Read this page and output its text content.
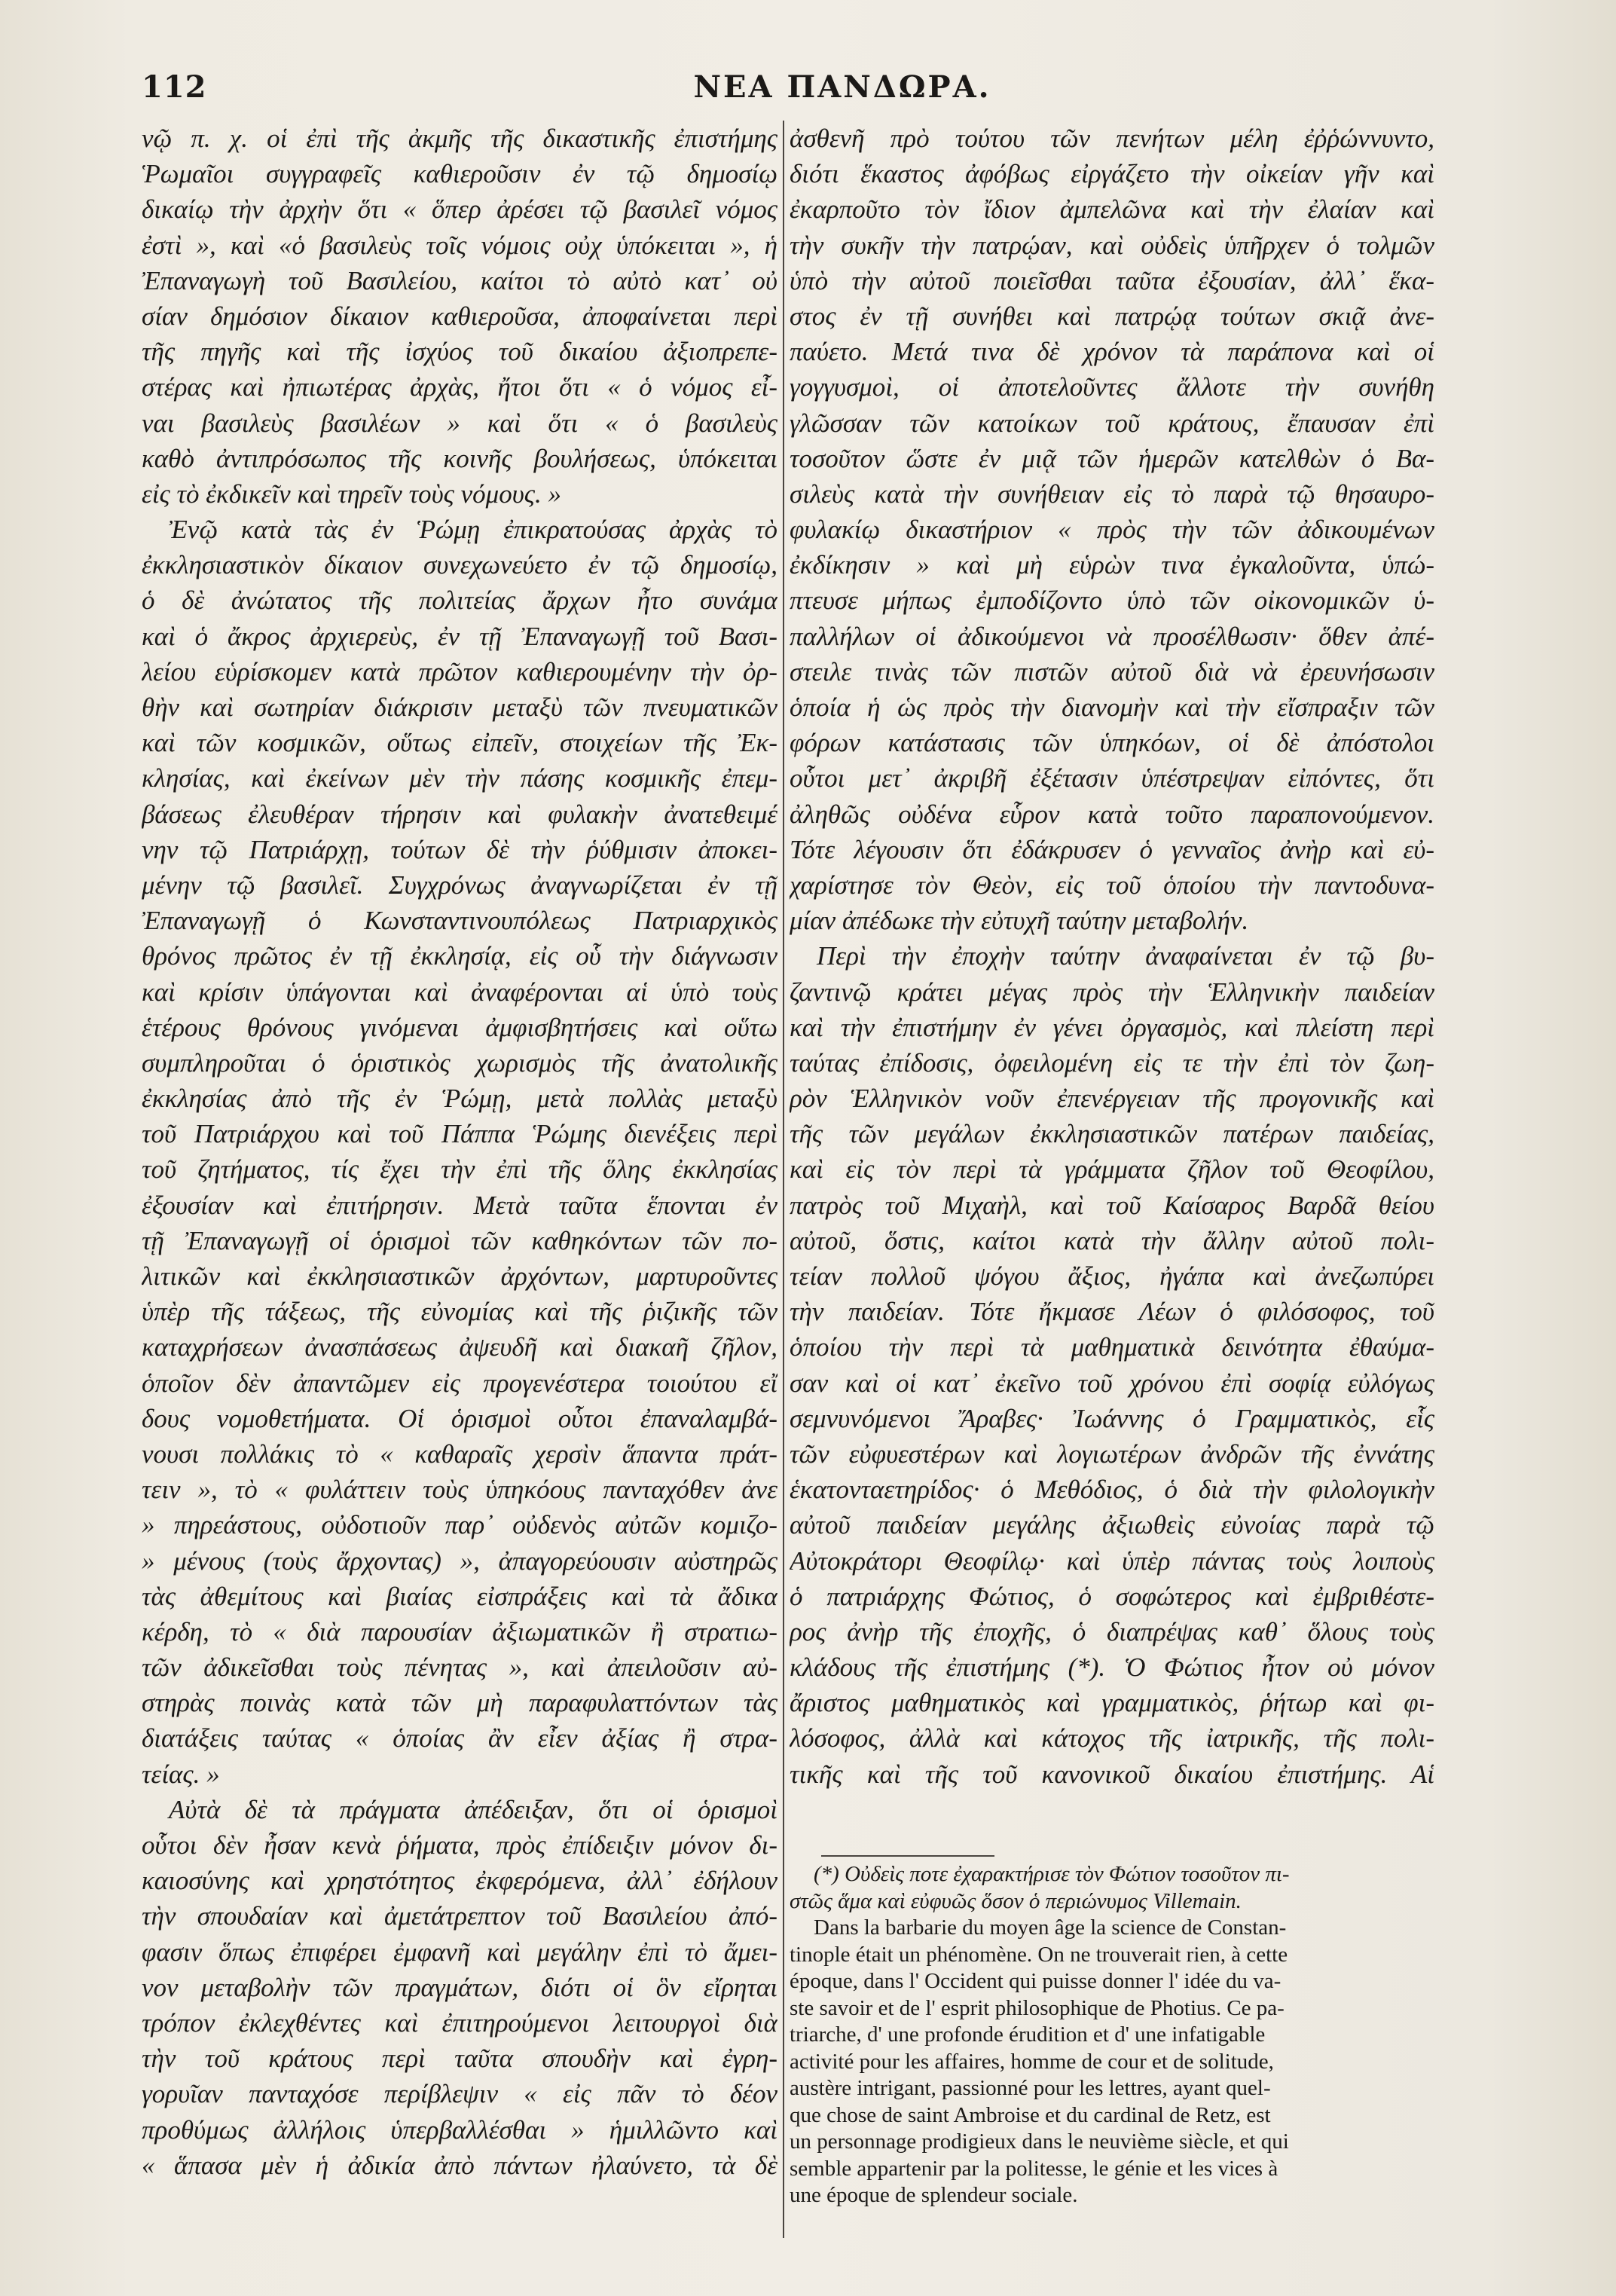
112	ΝΕΑ ΠΑΝΔΩΡΑ.
νῷ π. χ. οἱ ἐπὶ τῆς ἀκμῆς τῆς δικαστικῆς ἐπιστήμης
Ῥωμαῖοι συγγραφεῖς καθιεροῦσιν ἐν τῷ δημοσίῳ
δικαίῳ τὴν ἀρχὴν ὅτι « ὅπερ ἀρέσει τῷ βασιλεῖ νόμος
ἐστὶ », καὶ «ὁ βασιλεὺς τοῖς νόμοις οὐχ ὑπόκειται », ἡ
Ἐπαναγωγὴ τοῦ Βασιλείου, καίτοι τὸ αὐτὸ κατ᾽ οὐ
σίαν δημόσιον δίκαιον καθιεροῦσα, ἀποφαίνεται περὶ
τῆς πηγῆς καὶ τῆς ἰσχύος τοῦ δικαίου ἀξιοπρεπε-
στέρας καὶ ἠπιωτέρας ἀρχὰς, ἤτοι ὅτι « ὁ νόμος εἶ-
ναι βασιλεὺς βασιλέων » καὶ ὅτι « ὁ βασιλεὺς
καθὸ ἀντιπρόσωπος τῆς κοινῆς βουλήσεως, ὑπόκειται
εἰς τὸ ἐκδικεῖν καὶ τηρεῖν τοὺς νόμους. »
Ἐνῷ κατὰ τὰς ἐν Ῥώμῃ ἐπικρατούσας ἀρχὰς τὸ
ἐκκλησιαστικὸν δίκαιον συνεχωνεύετο ἐν τῷ δημοσίῳ,
ὁ δὲ ἀνώτατος τῆς πολιτείας ἄρχων ἦτο συνάμα
καὶ ὁ ἄκρος ἀρχιερεὺς, ἐν τῇ Ἐπαναγωγῇ τοῦ Βασι-
λείου εὑρίσκομεν κατὰ πρῶτον καθιερουμένην τὴν ὀρ-
θὴν καὶ σωτηρίαν διάκρισιν μεταξὺ τῶν πνευματικῶν
καὶ τῶν κοσμικῶν, οὕτως εἰπεῖν, στοιχείων τῆς Ἐκ-
κλησίας, καὶ ἐκείνων μὲν τὴν πάσης κοσμικῆς ἐπεμ-
βάσεως ἐλευθέραν τήρησιν καὶ φυλακὴν ἀνατεθειμέ
νην τῷ Πατριάρχῃ, τούτων δὲ τὴν ῥύθμισιν ἀποκει-
μένην τῷ βασιλεῖ. Συγχρόνως ἀναγνωρίζεται ἐν τῇ
Ἐπαναγωγῇ ὁ Κωνσταντινουπόλεως Πατριαρχικὸς
θρόνος πρῶτος ἐν τῇ ἐκκλησίᾳ, εἰς οὗ τὴν διάγνωσιν
καὶ κρίσιν ὑπάγονται καὶ ἀναφέρονται αἱ ὑπὸ τοὺς
ἑτέρους θρόνους γινόμεναι ἀμφισβητήσεις καὶ οὕτω
συμπληροῦται ὁ ὁριστικὸς χωρισμὸς τῆς ἀνατολικῆς
ἐκκλησίας ἀπὸ τῆς ἐν Ῥώμῃ, μετὰ πολλὰς μεταξὺ
τοῦ Πατριάρχου καὶ τοῦ Πάππα Ῥώμης διενέξεις περὶ
τοῦ ζητήματος, τίς ἔχει τὴν ἐπὶ τῆς ὅλης ἐκκλησίας
ἐξουσίαν καὶ ἐπιτήρησιν. Μετὰ ταῦτα ἕπονται ἐν
τῇ Ἐπαναγωγῇ οἱ ὁρισμοὶ τῶν καθηκόντων τῶν πο-
λιτικῶν καὶ ἐκκλησιαστικῶν ἀρχόντων, μαρτυροῦντες
ὑπὲρ τῆς τάξεως, τῆς εὐνομίας καὶ τῆς ῥιζικῆς τῶν
καταχρήσεων ἀνασπάσεως ἀψευδῆ καὶ διακαῆ ζῆλον,
ὁποῖον δὲν ἀπαντῶμεν εἰς προγενέστερα τοιούτου εἴ
δους νομοθετήματα. Οἱ ὁρισμοὶ οὗτοι ἐπαναλαμβά-
νουσι πολλάκις τὸ « καθαραῖς χερσὶν ἅπαντα πράτ-
τειν », τὸ « φυλάττειν τοὺς ὑπηκόους πανταχόθεν ἀνε
» πηρεάστους, οὐδοτιοῦν παρ᾽ οὐδενὸς αὐτῶν κομιζο-
» μένους (τοὺς ἄρχοντας) », ἀπαγορεύουσιν αὐστηρῶς
τὰς ἀθεμίτους καὶ βιαίας εἰσπράξεις καὶ τὰ ἄδικα
κέρδη, τὸ « διὰ παρουσίαν ἀξιωματικῶν ἢ στρατιω-
τῶν ἀδικεῖσθαι τοὺς πένητας », καὶ ἀπειλοῦσιν αὐ-
στηρὰς ποινὰς κατὰ τῶν μὴ παραφυλαττόντων τὰς
διατάξεις ταύτας « ὁποίας ἂν εἶεν ἀξίας ἢ στρα-
τείας. »
Αὐτὰ δὲ τὰ πράγματα ἀπέδειξαν, ὅτι οἱ ὁρισμοὶ
οὗτοι δὲν ἦσαν κενὰ ῥήματα, πρὸς ἐπίδειξιν μόνον δι-
καιοσύνης καὶ χρηστότητος ἐκφερόμενα, ἀλλ᾽ ἐδήλουν
τὴν σπουδαίαν καὶ ἀμετάτρεπτον τοῦ Βασιλείου ἀπό-
φασιν ὅπως ἐπιφέρει ἐμφανῆ καὶ μεγάλην ἐπὶ τὸ ἄμει-
νον μεταβολὴν τῶν πραγμάτων, διότι οἱ ὃν εἴρηται
τρόπον ἐκλεχθέντες καὶ ἐπιτηρούμενοι λειτουργοὶ διὰ
τὴν τοῦ κράτους περὶ ταῦτα σπουδὴν καὶ ἐγρη-
γορυῖαν πανταχόσε περίβλεψιν « εἰς πᾶν τὸ δέον
προθύμως ἀλλήλοις ὑπερβαλλέσθαι » ἡμιλλῶντο καὶ
« ἅπασα μὲν ἡ ἀδικία ἀπὸ πάντων ἠλαύνετο, τὰ δὲ
ἀσθενῆ πρὸ τούτου τῶν πενήτων μέλη ἐῤῥώννυντο,
διότι ἕκαστος ἀφόβως εἰργάζετο τὴν οἰκείαν γῆν καὶ
ἐκαρποῦτο τὸν ἴδιον ἀμπελῶνα καὶ τὴν ἐλαίαν καὶ
τὴν συκῆν τὴν πατρῴαν, καὶ οὐδεὶς ὑπῆρχεν ὁ τολμῶν
ὑπὸ τὴν αὐτοῦ ποιεῖσθαι ταῦτα ἐξουσίαν, ἀλλ᾽ ἕκα-
στος ἐν τῇ συνήθει καὶ πατρῴᾳ τούτων σκιᾷ ἀνε-
παύετο. Μετά τινα δὲ χρόνον τὰ παράπονα καὶ οἱ
γογγυσμοὶ, οἱ ἀποτελοῦντες ἄλλοτε τὴν συνήθη
γλῶσσαν τῶν κατοίκων τοῦ κράτους, ἔπαυσαν ἐπὶ
τοσοῦτον ὥστε ἐν μιᾷ τῶν ἡμερῶν κατελθὼν ὁ Βα-
σιλεὺς κατὰ τὴν συνήθειαν εἰς τὸ παρὰ τῷ θησαυρο-
φυλακίῳ δικαστήριον « πρὸς τὴν τῶν ἀδικουμένων
ἐκδίκησιν » καὶ μὴ εὑρὼν τινα ἐγκαλοῦντα, ὑπώ-
πτευσε μήπως ἐμποδίζοντο ὑπὸ τῶν οἰκονομικῶν ὑ-
παλλήλων οἱ ἀδικούμενοι νὰ προσέλθωσιν· ὅθεν ἀπέ-
στειλε τινὰς τῶν πιστῶν αὐτοῦ διὰ νὰ ἐρευνήσωσιν
ὁποία ἡ ὡς πρὸς τὴν διανομὴν καὶ τὴν εἴσπραξιν τῶν
φόρων κατάστασις τῶν ὑπηκόων, οἱ δὲ ἀπόστολοι
οὗτοι μετ᾽ ἀκριβῆ ἐξέτασιν ὑπέστρεψαν εἰπόντες, ὅτι
ἀληθῶς οὐδένα εὗρον κατὰ τοῦτο παραπονούμενον.
Τότε λέγουσιν ὅτι ἐδάκρυσεν ὁ γενναῖος ἀνὴρ καὶ εὐ-
χαρίστησε τὸν Θεὸν, εἰς τοῦ ὁποίου τὴν παντοδυνα-
μίαν ἀπέδωκε τὴν εὐτυχῆ ταύτην μεταβολήν.
Περὶ τὴν ἐποχὴν ταύτην ἀναφαίνεται ἐν τῷ βυ-
ζαντινῷ κράτει μέγας πρὸς τὴν Ἑλληνικὴν παιδείαν
καὶ τὴν ἐπιστήμην ἐν γένει ὀργασμὸς, καὶ πλείστη περὶ
ταύτας ἐπίδοσις, ὀφειλομένη εἰς τε τὴν ἐπὶ τὸν ζωη-
ρὸν Ἑλληνικὸν νοῦν ἐπενέργειαν τῆς προγονικῆς καὶ
τῆς τῶν μεγάλων ἐκκλησιαστικῶν πατέρων παιδείας,
καὶ εἰς τὸν περὶ τὰ γράμματα ζῆλον τοῦ Θεοφίλου,
πατρὸς τοῦ Μιχαὴλ, καὶ τοῦ Καίσαρος Βαρδᾶ θείου
αὐτοῦ, ὅστις, καίτοι κατὰ τὴν ἄλλην αὐτοῦ πολι-
τείαν πολλοῦ ψόγου ἄξιος, ἠγάπα καὶ ἀνεζωπύρει
τὴν παιδείαν. Τότε ἤκμασε Λέων ὁ φιλόσοφος, τοῦ
ὁποίου τὴν περὶ τὰ μαθηματικὰ δεινότητα ἐθαύμα-
σαν καὶ οἱ κατ᾽ ἐκεῖνο τοῦ χρόνου ἐπὶ σοφίᾳ εὐλόγως
σεμνυνόμενοι Ἄραβες· Ἰωάννης ὁ Γραμματικὸς, εἷς
τῶν εὐφυεστέρων καὶ λογιωτέρων ἀνδρῶν τῆς ἐννάτης
ἑκατονταετηρίδος· ὁ Μεθόδιος, ὁ διὰ τὴν φιλολογικὴν
αὐτοῦ παιδείαν μεγάλης ἀξιωθεὶς εὐνοίας παρὰ τῷ
Αὐτοκράτορι Θεοφίλῳ· καὶ ὑπὲρ πάντας τοὺς λοιποὺς
ὁ πατριάρχης Φώτιος, ὁ σοφώτερος καὶ ἐμβριθέστε-
ρος ἀνὴρ τῆς ἐποχῆς, ὁ διαπρέψας καθ᾽ ὅλους τοὺς
κλάδους τῆς ἐπιστήμης (*). Ὁ Φώτιος ἦτον οὐ μόνον
ἄριστος μαθηματικὸς καὶ γραμματικὸς, ῥήτωρ καὶ φι-
λόσοφος, ἀλλὰ καὶ κάτοχος τῆς ἰατρικῆς, τῆς πολι-
τικῆς καὶ τῆς τοῦ κανονικοῦ δικαίου ἐπιστήμης. Αἱ
(*) Οὐδεὶς ποτε ἐχαρακτήρισε τὸν Φώτιον τοσοῦτον πι-
στῶς ἅμα καὶ εὐφυῶς ὅσον ὁ περιώνυμος Villemain.
Dans la barbarie du moyen âge la science de Constan-
tinople était un phénomène. On ne trouverait rien, à cette
époque, dans l' Occident qui puisse donner l' idée du va-
ste savoir et de l' esprit philosophique de Photius. Ce pa-
triarche, d' une profonde érudition et d' une infatigable
activité pour les affaires, homme de cour et de solitude,
austère intrigant, passionné pour les lettres, ayant quel-
que chose de saint Ambroise et du cardinal de Retz, est
un personnage prodigieux dans le neuvième siècle, et qui
semble appartenir par la politesse, le génie et les vices à
une époque de splendeur sociale.
